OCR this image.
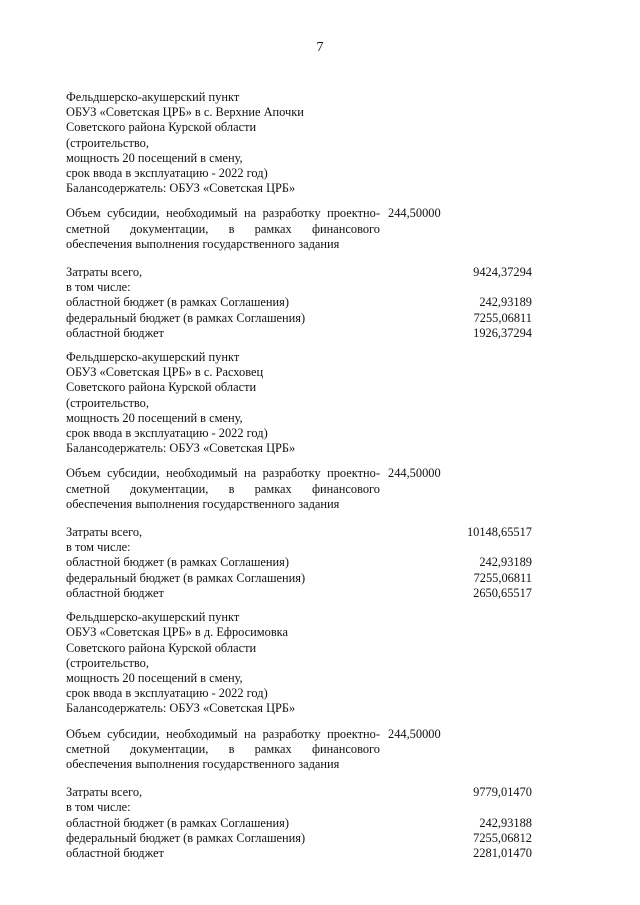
7
Фельдшерско-акушерский пункт
ОБУЗ «Советская ЦРБ» в с. Верхние Апочки
Советского района Курской области
(строительство,
мощность 20 посещений в смену,
срок ввода в эксплуатацию - 2022 год)
Балансодержатель: ОБУЗ «Советская ЦРБ»
Объем субсидии, необходимый на разработку проектно-сметной документации, в рамках финансового обеспечения выполнения государственного задания
244,50000
Затраты всего,	9424,37294
в том числе:
областной бюджет (в рамках Соглашения)	242,93189
федеральный бюджет (в рамках Соглашения)	7255,06811
областной бюджет	1926,37294
Фельдшерско-акушерский пункт
ОБУЗ «Советская ЦРБ» в с. Расховец
Советского района Курской области
(строительство,
мощность 20 посещений в смену,
срок ввода в эксплуатацию - 2022 год)
Балансодержатель: ОБУЗ «Советская ЦРБ»
Объем субсидии, необходимый на разработку проектно-сметной документации, в рамках финансового обеспечения выполнения государственного задания
244,50000
Затраты всего,	10148,65517
в том числе:
областной бюджет (в рамках Соглашения)	242,93189
федеральный бюджет (в рамках Соглашения)	7255,06811
областной бюджет	2650,65517
Фельдшерско-акушерский пункт
ОБУЗ «Советская ЦРБ» в д. Ефросимовка
Советского района Курской области
(строительство,
мощность 20 посещений в смену,
срок ввода в эксплуатацию - 2022 год)
Балансодержатель: ОБУЗ «Советская ЦРБ»
Объем субсидии, необходимый на разработку проектно-сметной документации, в рамках финансового обеспечения выполнения государственного задания
244,50000
Затраты всего,	9779,01470
в том числе:
областной бюджет (в рамках Соглашения)	242,93188
федеральный бюджет (в рамках Соглашения)	7255,06812
областной бюджет	2281,01470
